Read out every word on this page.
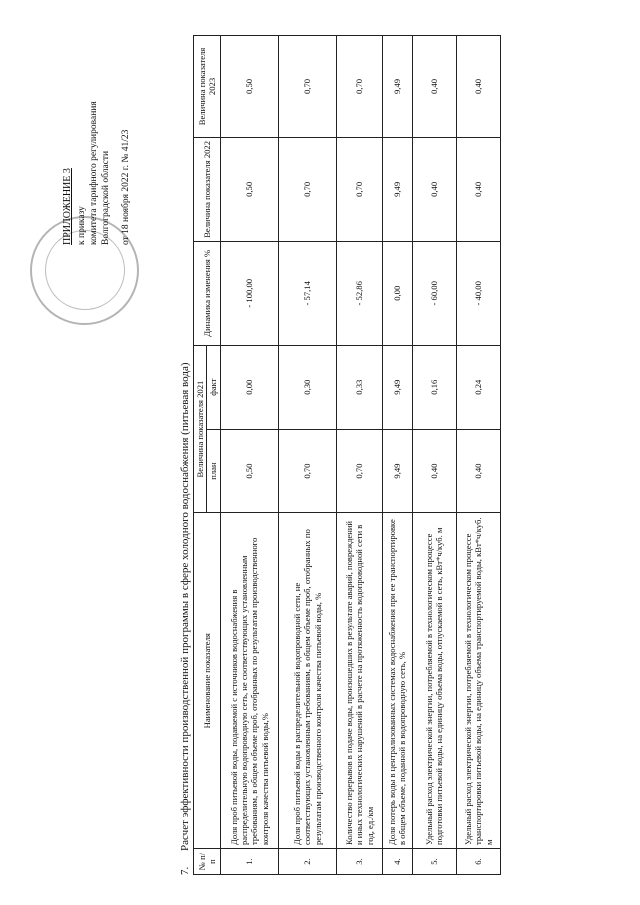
ПРИЛОЖЕНИЕ 3 к приказу комитета тарифного регулирования Волгоградской области от 18 ноября 2022 г. № 41/23
7.Расчет эффективности производственной программы в сфере холодного водоснабжения (питьевая вода)
№ п/п	Наименование показателя	Величина показателя 2021		Динамика изменения %	Величина показателя 2022	Величина показателя 2023
		план	факт			
1.	Доля проб питьевой воды, подаваемой с источников водоснабжения в распределительную водопроводную сеть, не соответствующих установленным требованиям, в общем объеме проб, отобранных по результатам производственного контроля качества питьевой воды,%	0,50	0,00	- 100,00	0,50	0,50
2.	Доля проб питьевой воды в распределительной водопроводной сети, не соответствующих установленным требованиям, в общем объеме проб, отобранных по результатам производственного контроля качества питьевой воды, %	0,70	0,30	- 57,14	0,70	0,70
3.	Количество перерывов в подаче воды, произошедших в результате аварий, повреждений и иных технологических нарушений в расчете на протяженность водопроводной сети в год, ед./км	0,70	0,33	- 52,86	0,70	0,70
4.	Доля потерь воды в централизованных системах водоснабжения при ее транспортировке в общем объеме, поданной в водопроводную сеть, %	9,49	9,49	0,00	9,49	9,49
5.	Удельный расход электрической энергии, потребляемой в технологическом процессе подготовки питьевой воды, на единицу объема воды, отпускаемой в сеть, кВт*ч/куб. м	0,40	0,16	- 60,00	0,40	0,40
6.	Удельный расход электрической энергии, потребляемой в технологическом процессе транспортировки питьевой воды, на единицу объема транспортируемой воды, кВт*ч/куб. м	0,40	0,24	- 40,00	0,40	0,40
